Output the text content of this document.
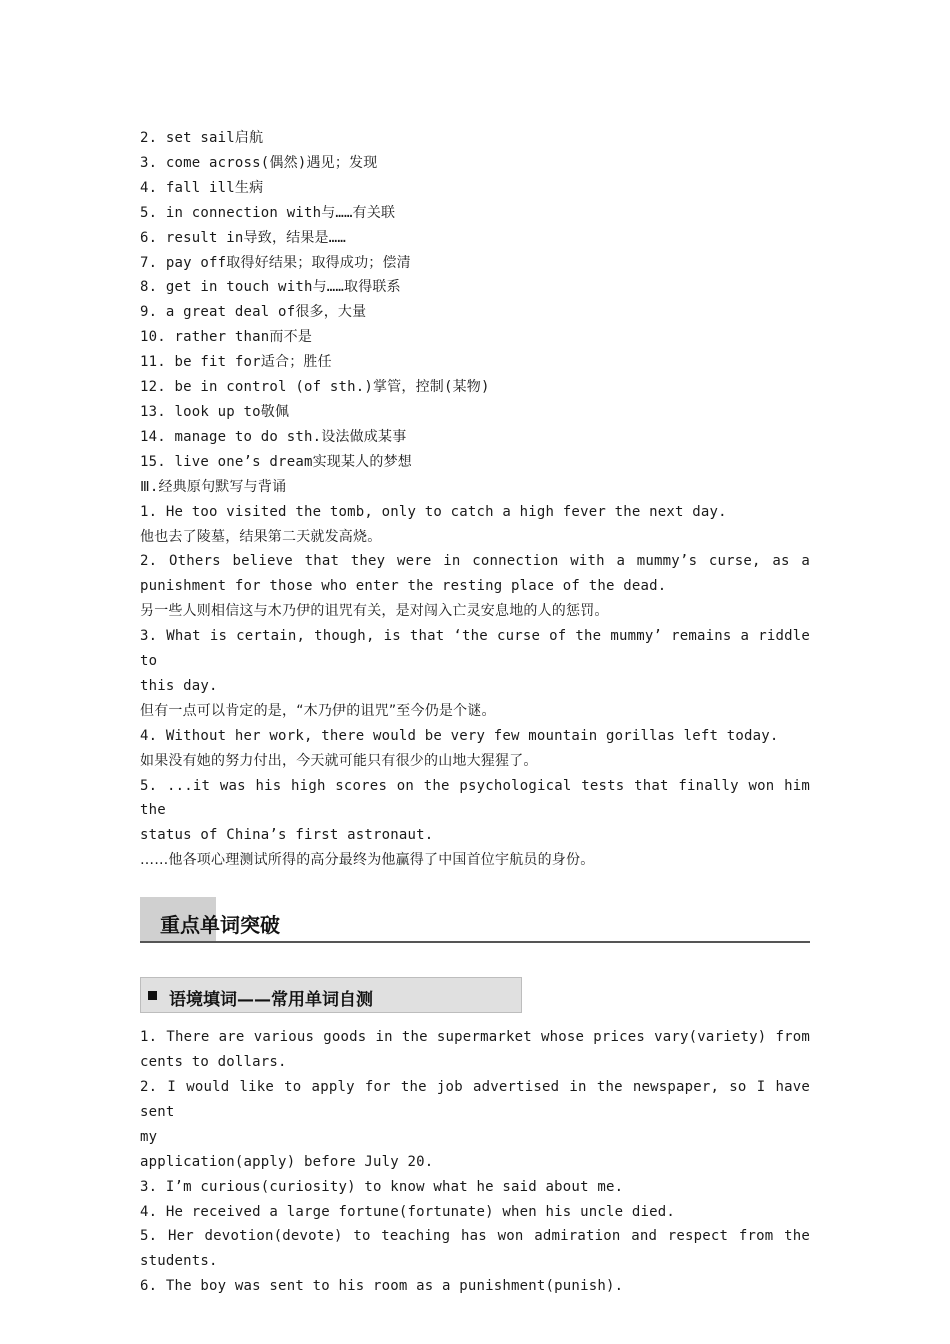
2. set sail启航
3. come across(偶然)遇见；发现
4. fall ill生病
5. in connection with与……有关联
6. result in导致，结果是……
7. pay off取得好结果；取得成功；偿清
8. get in touch with与……取得联系
9. a great deal of很多，大量
10. rather than而不是
11. be fit for适合；胜任
12. be in control (of sth.)掌管，控制(某物)
13. look up to敬佩
14. manage to do sth.设法做成某事
15. live one’s dream实现某人的梦想
Ⅲ.经典原句默写与背诵
1. He too visited the tomb, only to catch a high fever the next day.
他也去了陵墓，结果第二天就发高烧。
2. Others believe that they were in connection with a mummy’s curse, as a
punishment for those who enter the resting place of the dead.
另一些人则相信这与木乃伊的诅咒有关，是对闯入亡灵安息地的人的惩罚。
3. What is certain, though, is that ‘the curse of the mummy’ remains a riddle to
this day.
但有一点可以肯定的是，“木乃伊的诅咒”至今仍是个谜。
4. Without her work, there would be very few mountain gorillas left today.
如果没有她的努力付出，今天就可能只有很少的山地大猩猩了。
5. ...it was his high scores on the psychological tests that finally won him the
status of China’s first astronaut.
……他各项心理测试所得的高分最终为他赢得了中国首位宇航员的身份。
重点单词突破
语境填词——常用单词自测
1. There are various goods in the supermarket whose prices vary(variety) from
cents to dollars.
2. I would like to apply for the job advertised in the newspaper, so I have sent
my
application(apply) before July 20.
3. I’m curious(curiosity) to know what he said about me.
4. He received a large fortune(fortunate) when his uncle died.
5. Her devotion(devote) to teaching has won admiration and respect from the
students.
6. The boy was sent to his room as a punishment(punish).
